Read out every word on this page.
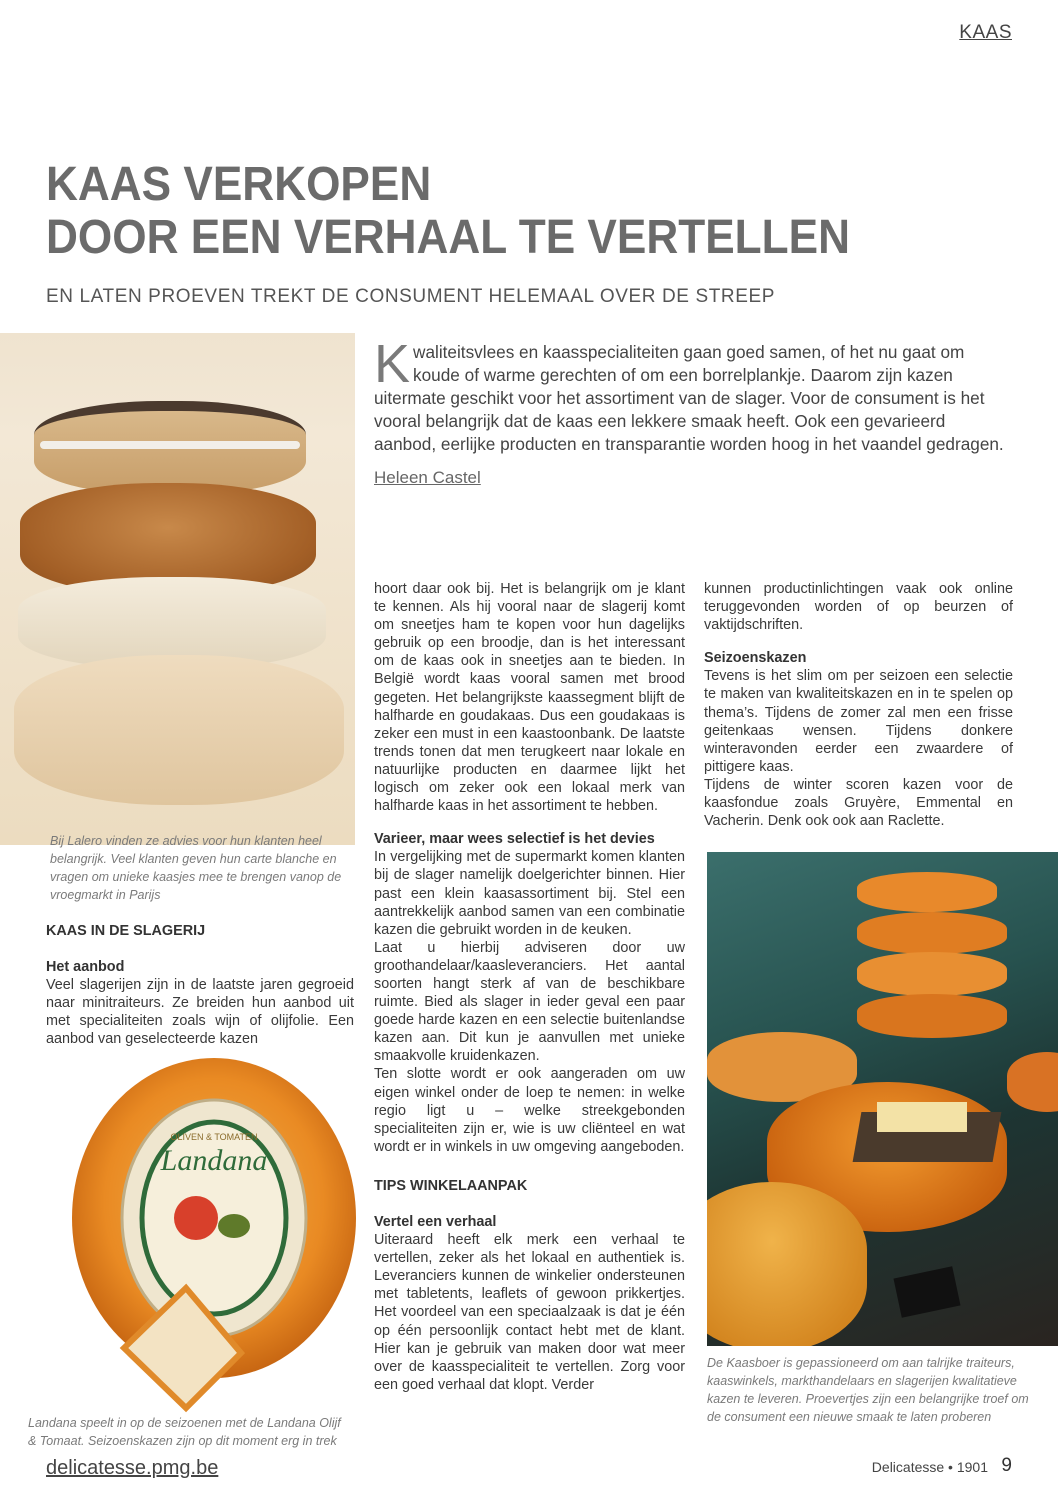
KAAS
KAAS VERKOPEN
DOOR EEN VERHAAL TE VERTELLEN
EN LATEN PROEVEN TREKT DE CONSUMENT HELEMAAL OVER DE STREEP
Bij Lalero vinden ze advies voor hun klanten heel belangrijk. Veel klanten geven hun carte blanche en vragen om unieke kaasjes mee te brengen vanop de vroegmarkt in Parijs
Kwaliteitsvlees en kaasspecialiteiten gaan goed samen, of het nu gaat om koude of warme gerechten of om een borrelplankje. Daarom zijn kazen uitermate geschikt voor het assortiment van de slager. Voor de consument is het vooral belangrijk dat de kaas een lekkere smaak heeft. Ook een gevarieerd aanbod, eerlijke producten en transparantie worden hoog in het vaandel gedragen.
Heleen Castel

KAAS IN DE SLAGERIJ

Het aanbod

Veel slagerijen zijn in de laatste jaren gegroeid naar minitraiteurs. Ze breiden hun aanbod uit met specialiteiten zoals wijn of olijfolie. Een aanbod van geselecteerde kazen

Landana
OLIVEN & TOMATEN
Landana speelt in op de seizoenen met de Landana Olijf & Tomaat. Seizoenskazen zijn op dit moment erg in trek

hoort daar ook bij. Het is belangrijk om je klant te kennen. Als hij vooral naar de slagerij komt om sneetjes ham te kopen voor hun dagelijks gebruik op een broodje, dan is het interessant om de kaas ook in sneetjes aan te bieden. In België wordt kaas vooral samen met brood gegeten. Het belangrijkste kaassegment blijft de halfharde en goudakaas. Dus een goudakaas is zeker een must in een kaastoonbank. De laatste trends tonen dat men terugkeert naar lokale en natuurlijke producten en daarmee lijkt het logisch om zeker ook een lokaal merk van halfharde kaas in het assortiment te hebben.

Varieer, maar wees selectief is het devies

In vergelijking met de supermarkt komen klanten bij de slager namelijk doelgerichter binnen. Hier past een klein kaasassortiment bij. Stel een aantrekkelijk aanbod samen van een combinatie kazen die gebruikt worden in de keuken.

Laat u hierbij adviseren door uw groothandelaar/kaasleveranciers. Het aantal soorten hangt sterk af van de beschikbare ruimte. Bied als slager in ieder geval een paar goede harde kazen en een selectie buitenlandse kazen aan. Dit kun je aanvullen met unieke smaakvolle kruidenkazen.

Ten slotte wordt er ook aangeraden om uw eigen winkel onder de loep te nemen: in welke regio ligt u – welke streekgebonden specialiteiten zijn er, wie is uw cliënteel en wat wordt er in winkels in uw omgeving aangeboden.

TIPS WINKELAANPAK

Vertel een verhaal

Uiteraard heeft elk merk een verhaal te vertellen, zeker als het lokaal en authentiek is. Leveranciers kunnen de winkelier ondersteunen met tabletents, leaflets of gewoon prikkertjes. Het voordeel van een speciaalzaak is dat je één op één persoonlijk contact hebt met de klant. Hier kan je gebruik van maken door wat meer over de kaasspecialiteit te vertellen. Zorg voor een goed verhaal dat klopt. Verder

kunnen productinlichtingen vaak ook online teruggevonden worden of op beurzen of vaktijdschriften.

Seizoenskazen

Tevens is het slim om per seizoen een selectie te maken van kwaliteitskazen en in te spelen op thema’s. Tijdens de zomer zal men een frisse geitenkaas wensen. Tijdens donkere winteravonden eerder een zwaardere of pittigere kaas.

Tijdens de winter scoren kazen voor de kaasfondue zoals Gruyère, Emmental en Vacherin. Denk ook ook aan Raclette.

De Kaasboer is gepassioneerd om aan talrijke traiteurs, kaaswinkels, markthandelaars en slagerijen kwalitatieve kazen te leveren. Proevertjes zijn een belangrijke troef om de consument een nieuwe smaak te laten proberen
delicatesse.pmg.be	Delicatesse • 1901 9
